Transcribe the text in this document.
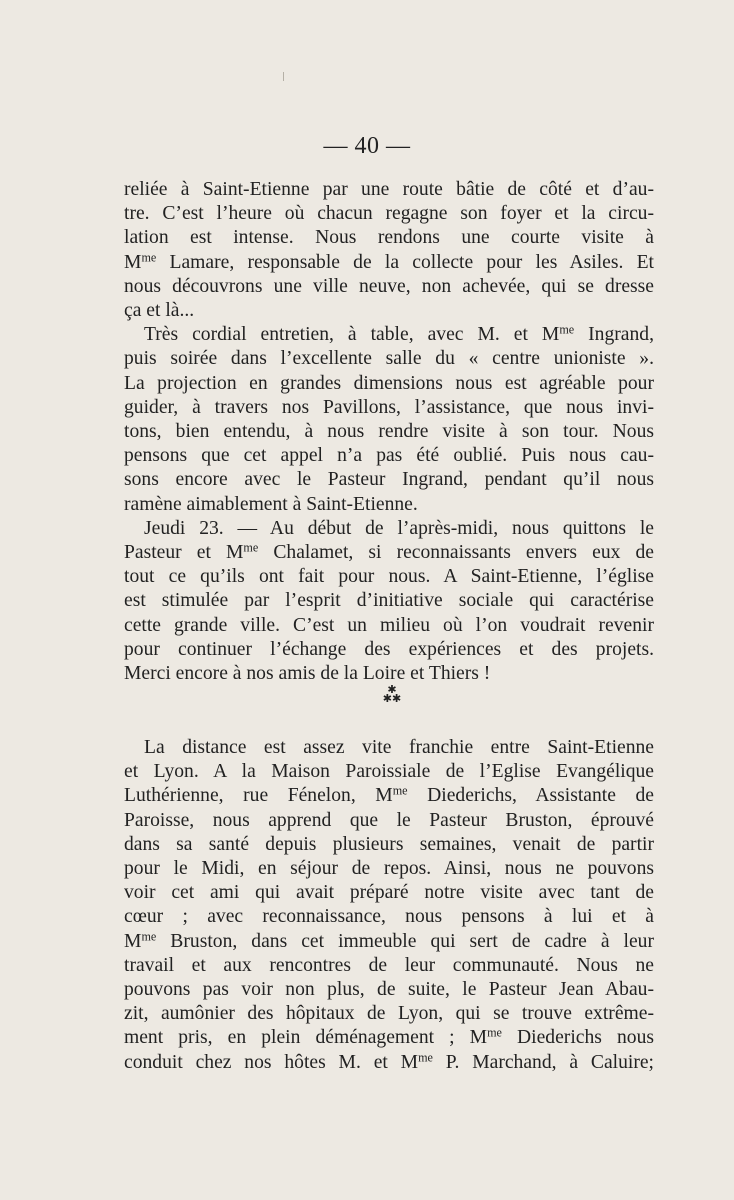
— 40 —
reliée à Saint-Etienne par une route bâtie de côté et d’au-
tre. C’est l’heure où chacun regagne son foyer et la circu-
lation est intense. Nous rendons une courte visite à
$M^{me}$ Lamare, responsable de la collecte pour les Asiles. Et
nous découvrons une ville neuve, non achevée, qui se dresse
ça et là...
Très cordial entretien, à table, avec M. et $M^{me}$ Ingrand,
puis soirée dans l’excellente salle du « centre unioniste ».
La projection en grandes dimensions nous est agréable pour
guider, à travers nos Pavillons, l’assistance, que nous invi-
tons, bien entendu, à nous rendre visite à son tour. Nous
pensons que cet appel n’a pas été oublié. Puis nous cau-
sons encore avec le Pasteur Ingrand, pendant qu’il nous
ramène aimablement à Saint-Etienne.
Jeudi 23. — Au début de l’après-midi, nous quittons le
Pasteur et $M^{me}$ Chalamet, si reconnaissants envers eux de
tout ce qu’ils ont fait pour nous. A Saint-Etienne, l’église
est stimulée par l’esprit d’initiative sociale qui caractérise
cette grande ville. C’est un milieu où l’on voudrait revenir
pour continuer l’échange des expériences et des projets.
Merci encore à nos amis de la Loire et Thiers !
✱
✱✱
La distance est assez vite franchie entre Saint-Etienne
et Lyon. A la Maison Paroissiale de l’Eglise Evangélique
Luthérienne, rue Fénelon, $M^{me}$ Diederichs, Assistante de
Paroisse, nous apprend que le Pasteur Bruston, éprouvé
dans sa santé depuis plusieurs semaines, venait de partir
pour le Midi, en séjour de repos. Ainsi, nous ne pouvons
voir cet ami qui avait préparé notre visite avec tant de
cœur ; avec reconnaissance, nous pensons à lui et à
$M^{me}$ Bruston, dans cet immeuble qui sert de cadre à leur
travail et aux rencontres de leur communauté. Nous ne
pouvons pas voir non plus, de suite, le Pasteur Jean Abau-
zit, aumônier des hôpitaux de Lyon, qui se trouve extrême-
ment pris, en plein déménagement ; $M^{me}$ Diederichs nous
conduit chez nos hôtes M. et $M^{me}$ P. Marchand, à Caluire;
